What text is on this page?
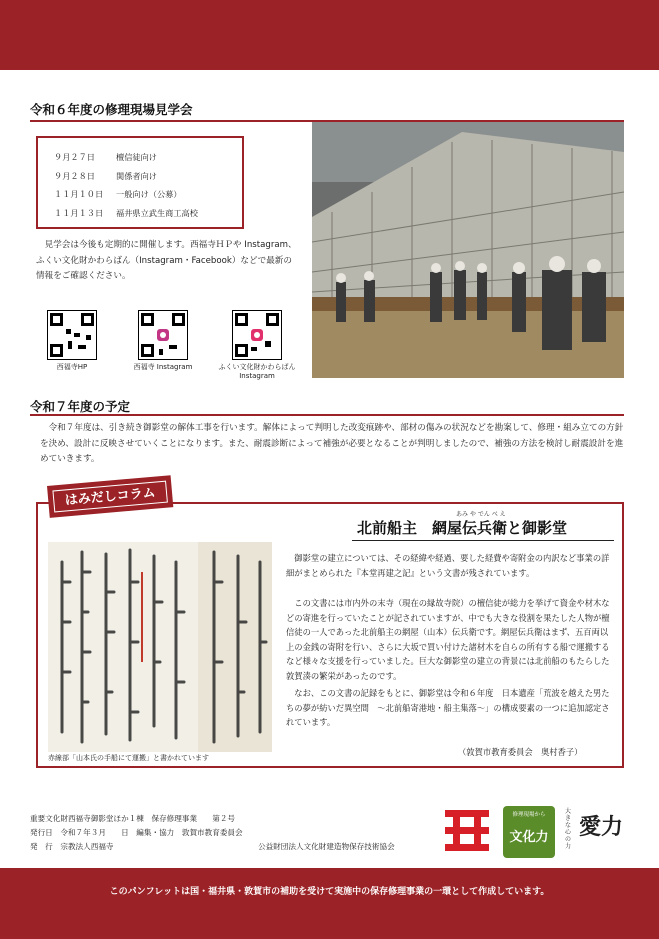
令和６年度の修理現場見学会
９月２７日	檀信徒向け
９月２８日	関係者向け
１１月１０日 一般向け（公募）
１１月１３日 福井県立武生商工高校
　見学会は今後も定期的に開催します。西福寺ＨＰや Instagram、ふくい文化財かわらばん（Instagram・Facebook）などで最新の情報をご確認ください。
西福寺HP	西福寺 Instagram	ふくい文化財かわらばん Instagram
令和７年度の予定
　令和７年度は、引き続き御影堂の解体工事を行います。解体によって判明した改変痕跡や、部材の傷みの状況などを勘案して、修理・組み立ての方針を決め、設計に反映させていくことになります。また、耐震診断によって補強が必要となることが判明しましたので、補強の方法を検討し耐震設計を進めていきます。
はみだしコラム
あみ や でん べ え
北前船主　網屋伝兵衛と御影堂
赤線部「山本氏の手船にて運搬」と書かれています
　御影堂の建立については、その経緯や経過、要した経費や寄附金の内訳など事業の詳細がまとめられた『本堂再建之記』という文書が残されています。
　この文書には市内外の末寺（現在の縁故寺院）の檀信徒が総力を挙げて資金や材木などの寄進を行っていたことが記されていますが、中でも大きな役割を果たした人物が檀信徒の一人であった北前船主の網屋（山本）伝兵衛です。網屋伝兵衛はまず、五百両以上の金銭の寄附を行い、さらに大坂で買い付けた諸材木を自らの所有する船で運搬するなど様々な支援を行っていました。巨大な御影堂の建立の背景には北前船のもたらした敦賀湊の繁栄があったのです。
　なお、この文書の記録をもとに、御影堂は令和６年度　日本遺産「荒波を越えた男たちの夢が紡いだ異空間　～北前船寄港地・船主集落～」の構成要素の一つに追加認定されています。
（敦賀市教育委員会　奥村香子）
重要文化財西福寺御影堂ほか１棟　保存修理事業　　第２号
発行日　令和７年３月　　日　編集・協力　敦賀市教育委員会
発　行　宗教法人西福寺	公益財団法人文化財建造物保存技術協会
修理現場から
文化力
大きな心の力
愛力
このパンフレットは国・福井県・敦賀市の補助を受けて実施中の保存修理事業の一環として作成しています。
